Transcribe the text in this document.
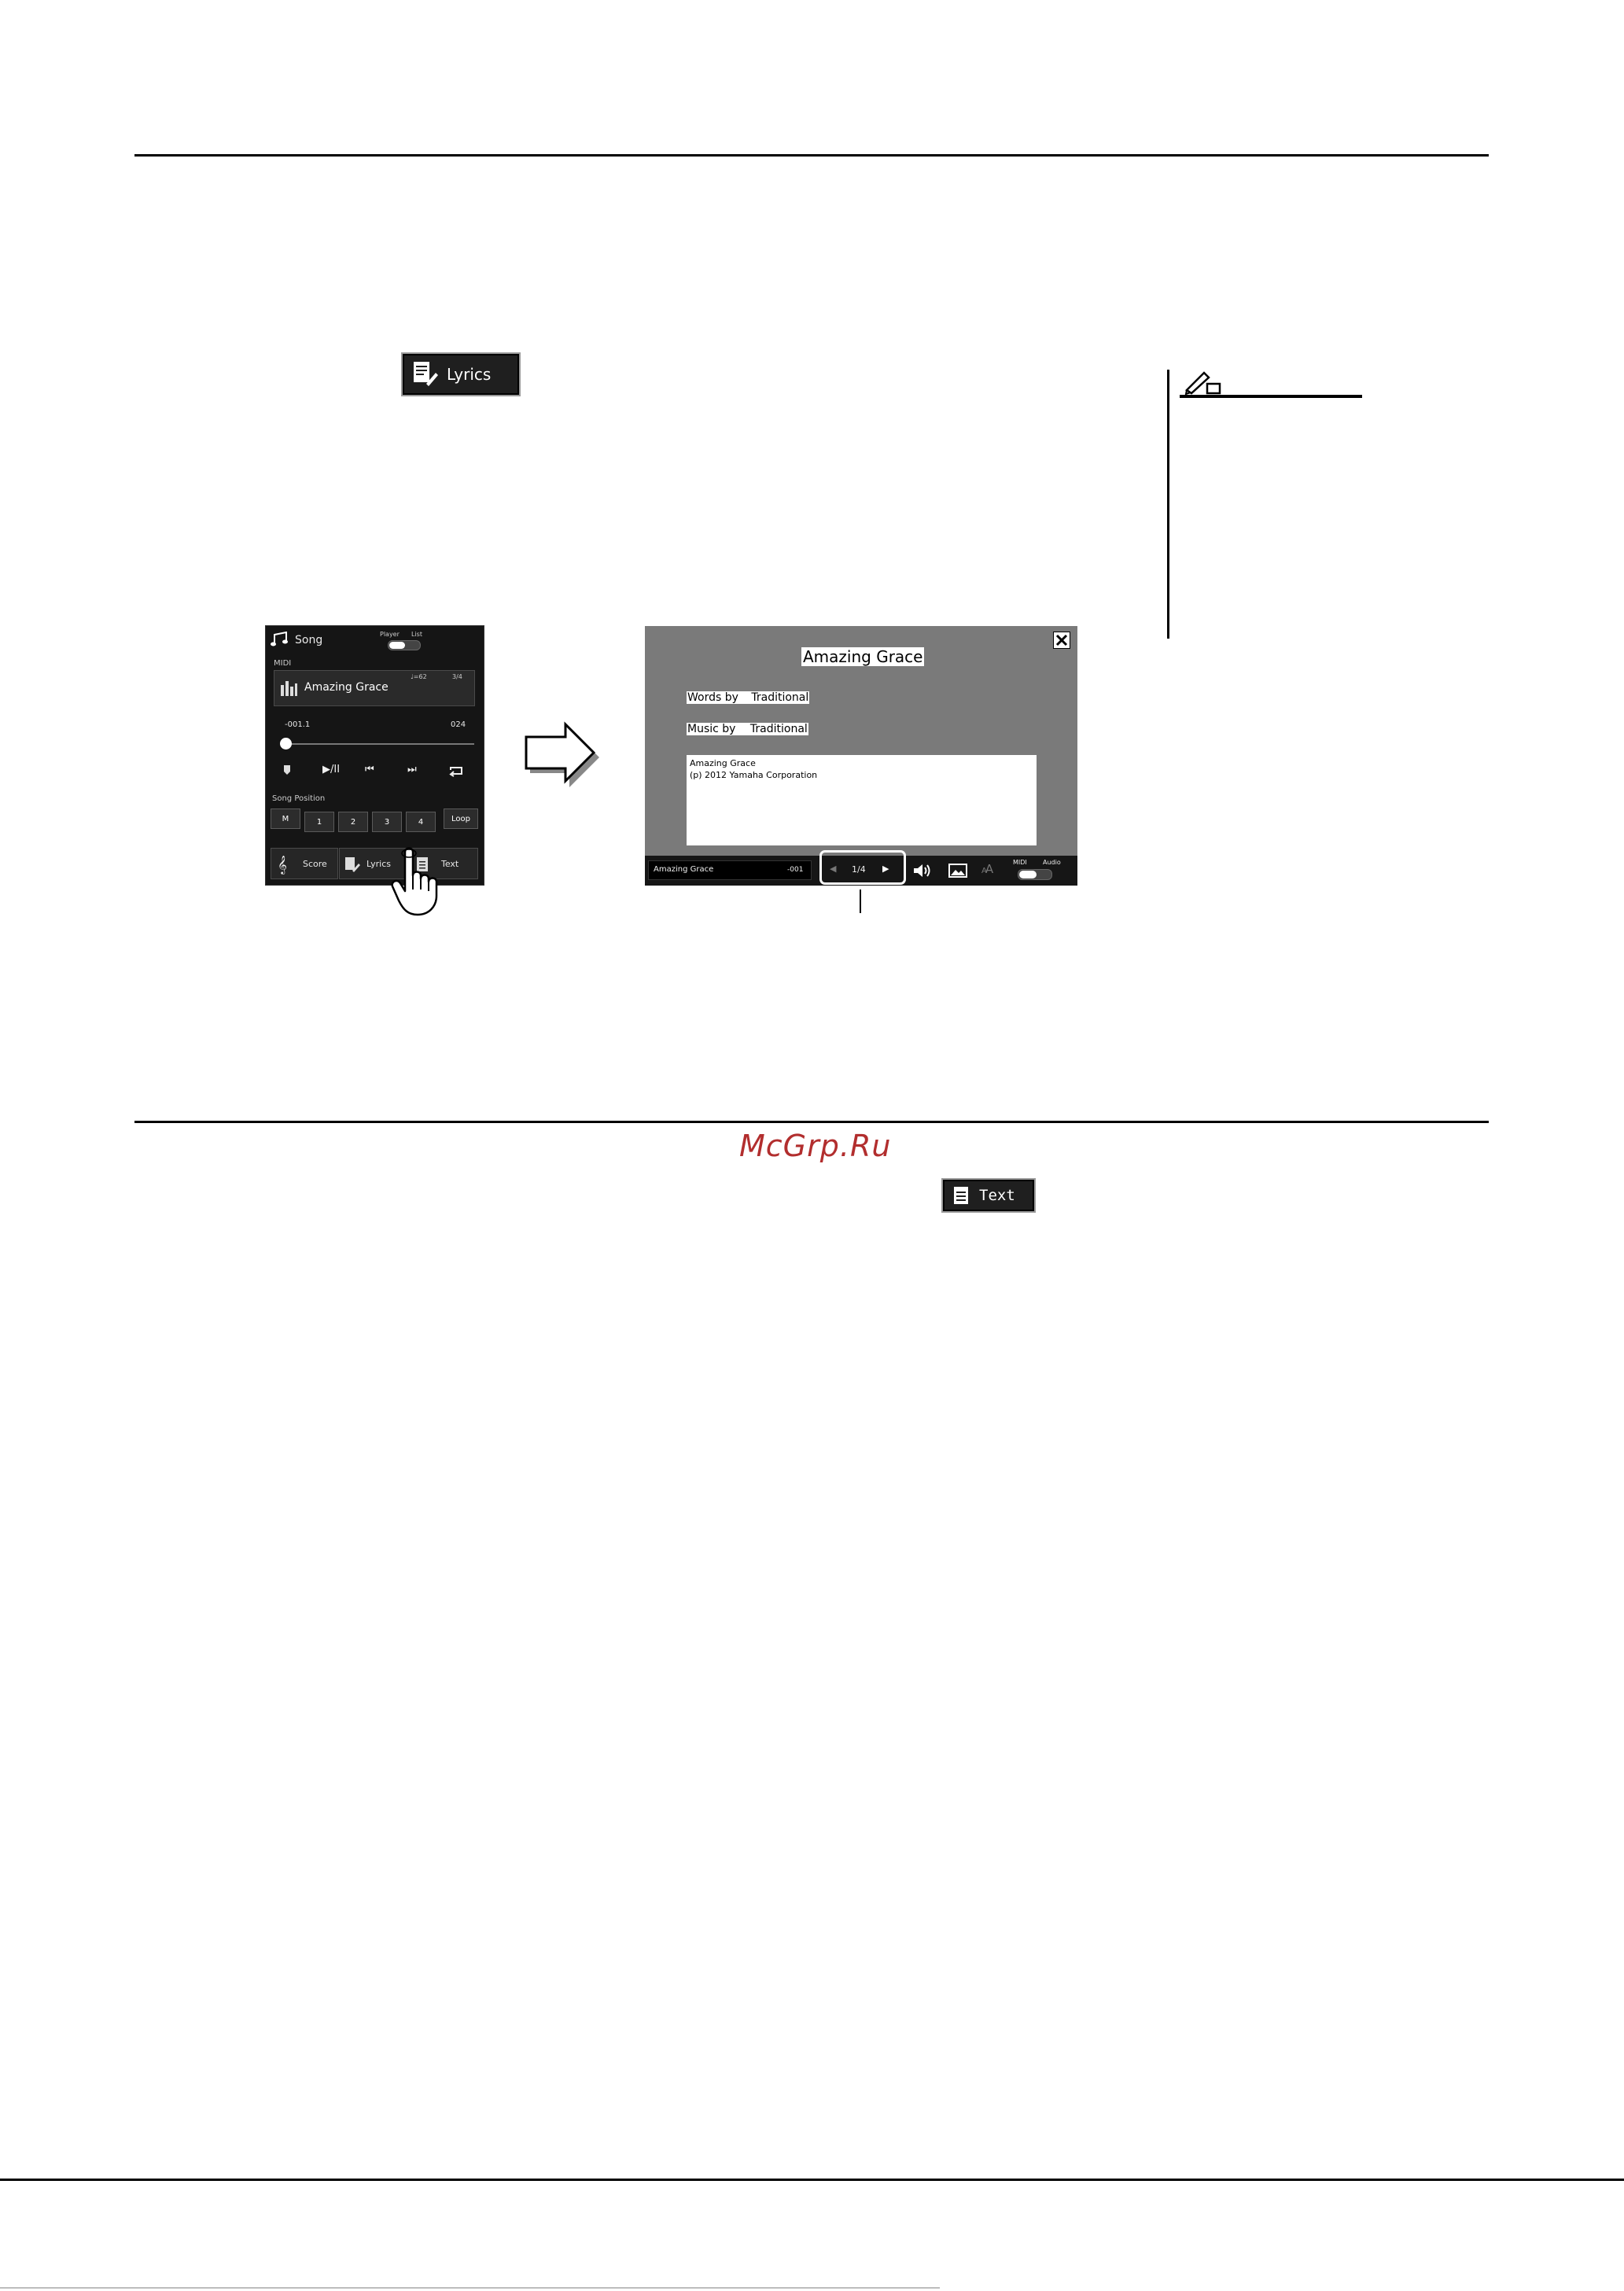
Lyrics
Song	Player List
MIDI
Amazing Grace
♩=62	3/4
-001.1	024
▶/II ⏮	⏭
Song Position
M	1	2	3	4	Loop
𝄞 Score	Lyrics	Text
Amazing Grace
Words by Traditional
Music by Traditional
Amazing Grace
(p) 2012 Yamaha Corporation
Amazing Grace	-001	◀ 1/4 ▶	AA	MIDI	Audio
McGrp.Ru
Text
